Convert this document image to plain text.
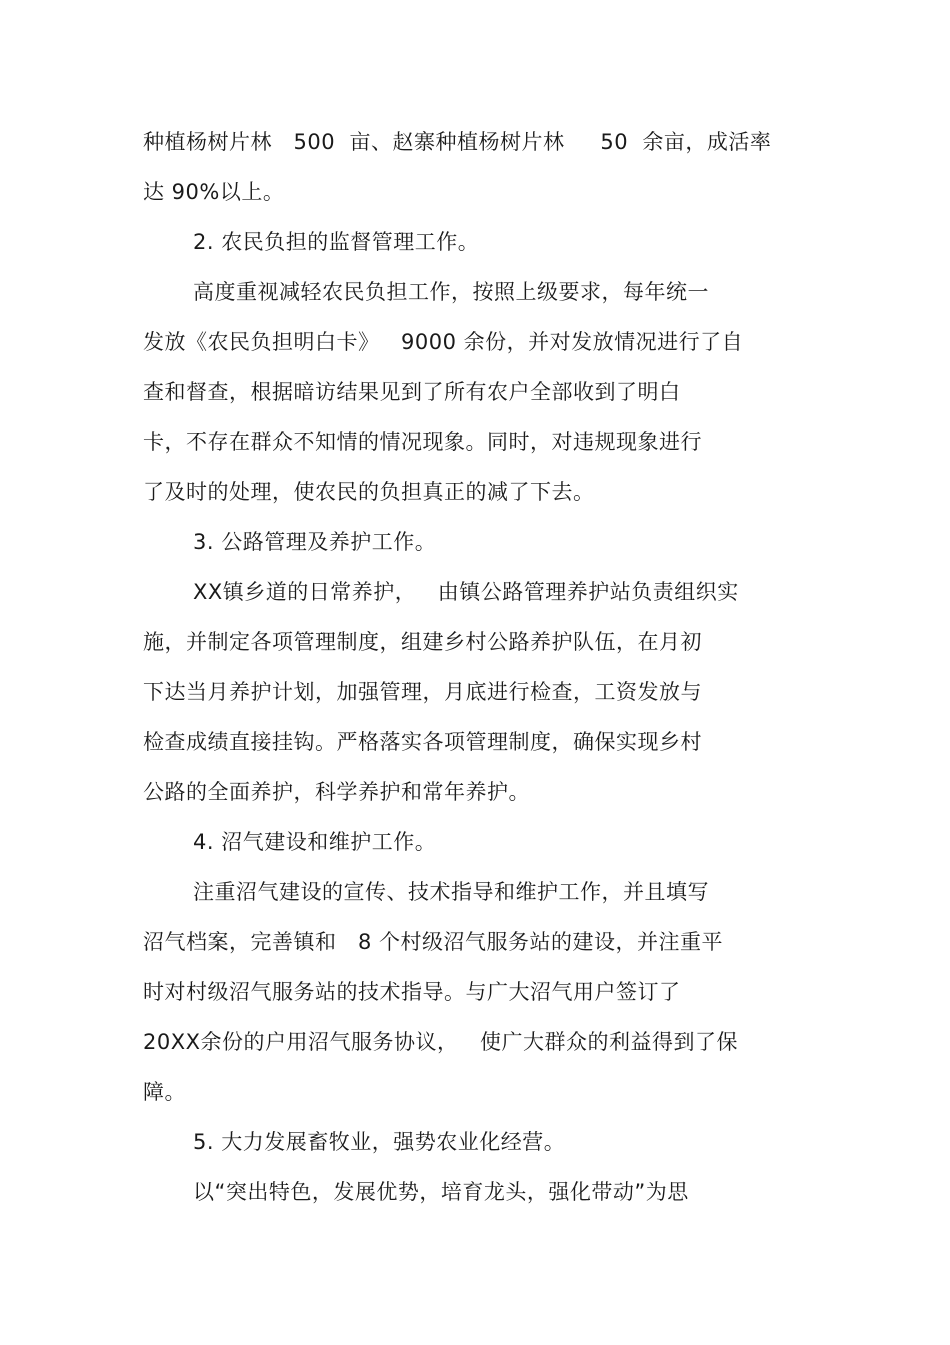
种植杨树片林   500  亩、赵寨种植杨树片林     50  余亩，成活率
达 90%以上。
2. 农民负担的监督管理工作。
高度重视减轻农民负担工作，按照上级要求，每年统一
发放《农民负担明白卡》   9000 余份，并对发放情况进行了自
查和督查，根据暗访结果见到了所有农户全部收到了明白
卡，不存在群众不知情的情况现象。同时，对违规现象进行
了及时的处理，使农民的负担真正的减了下去。
3. 公路管理及养护工作。
XX镇乡道的日常养护，   由镇公路管理养护站负责组织实
施，并制定各项管理制度，组建乡村公路养护队伍，在月初
下达当月养护计划，加强管理，月底进行检查，工资发放与
检查成绩直接挂钩。严格落实各项管理制度，确保实现乡村
公路的全面养护，科学养护和常年养护。
4. 沼气建设和维护工作。
注重沼气建设的宣传、技术指导和维护工作，并且填写
沼气档案，完善镇和   8 个村级沼气服务站的建设，并注重平
时对村级沼气服务站的技术指导。与广大沼气用户签订了
20XX余份的户用沼气服务协议，   使广大群众的利益得到了保
障。
5. 大力发展畜牧业，强势农业化经营。
以“突出特色，发展优势，培育龙头，强化带动”为思
